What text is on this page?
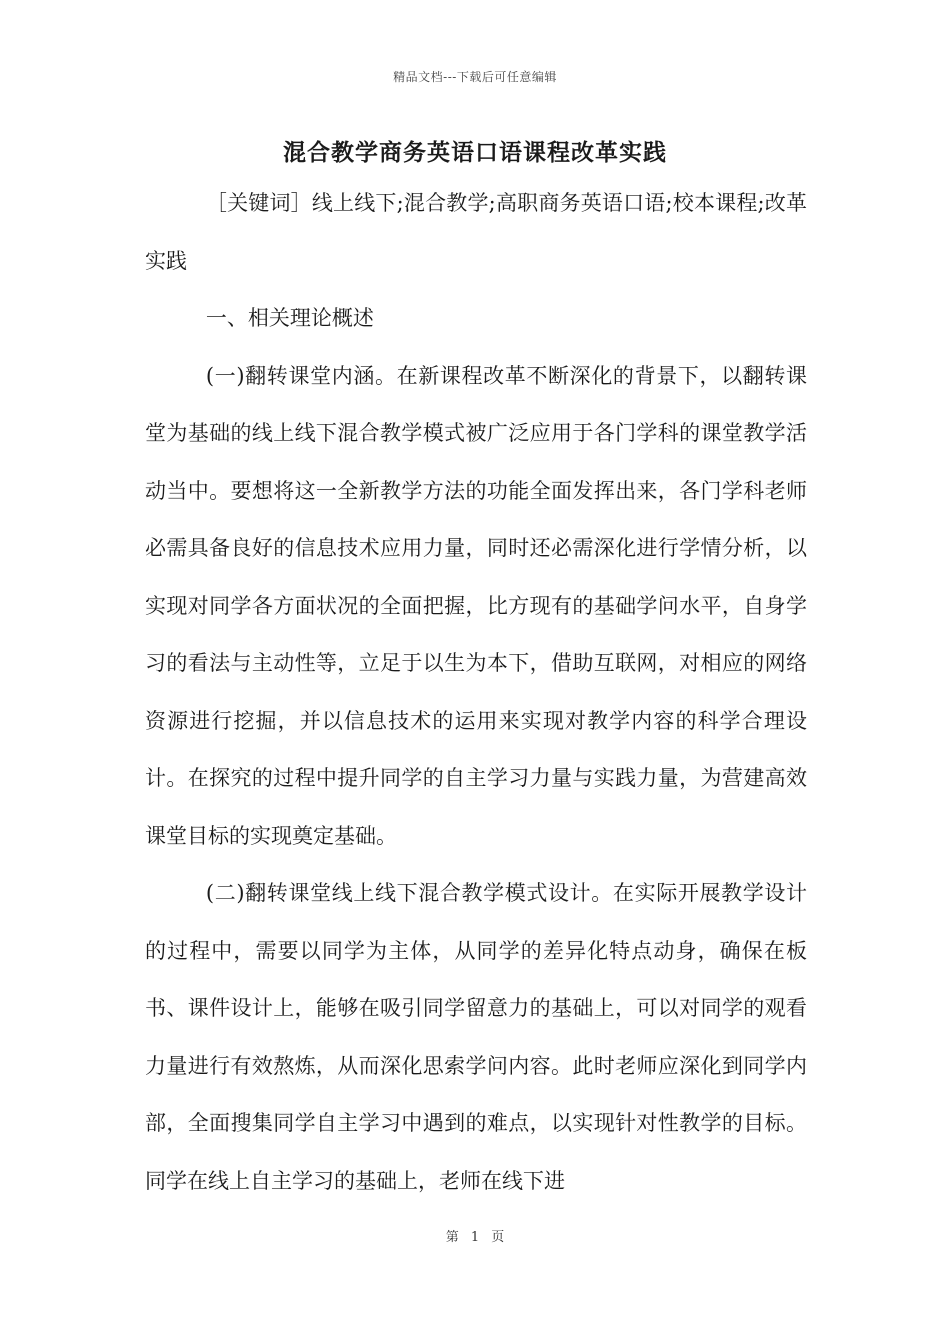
精品文档---下载后可任意编辑
混合教学商务英语口语课程改革实践

［关键词］线上线下;混合教学;高职商务英语口语;校本课程;改革实践

一、相关理论概述

(一)翻转课堂内涵。在新课程改革不断深化的背景下，以翻转课堂为基础的线上线下混合教学模式被广泛应用于各门学科的课堂教学活动当中。要想将这一全新教学方法的功能全面发挥出来，各门学科老师必需具备良好的信息技术应用力量，同时还必需深化进行学情分析，以实现对同学各方面状况的全面把握，比方现有的基础学问水平，自身学习的看法与主动性等，立足于以生为本下，借助互联网，对相应的网络资源进行挖掘，并以信息技术的运用来实现对教学内容的科学合理设计。在探究的过程中提升同学的自主学习力量与实践力量，为营建高效课堂目标的实现奠定基础。

(二)翻转课堂线上线下混合教学模式设计。在实际开展教学设计的过程中，需要以同学为主体，从同学的差异化特点动身，确保在板书、课件设计上，能够在吸引同学留意力的基础上，可以对同学的观看力量进行有效熬炼，从而深化思索学问内容。此时老师应深化到同学内部，全面搜集同学自主学习中遇到的难点，以实现针对性教学的目标。同学在线上自主学习的基础上，老师在线下进

第 1 页
